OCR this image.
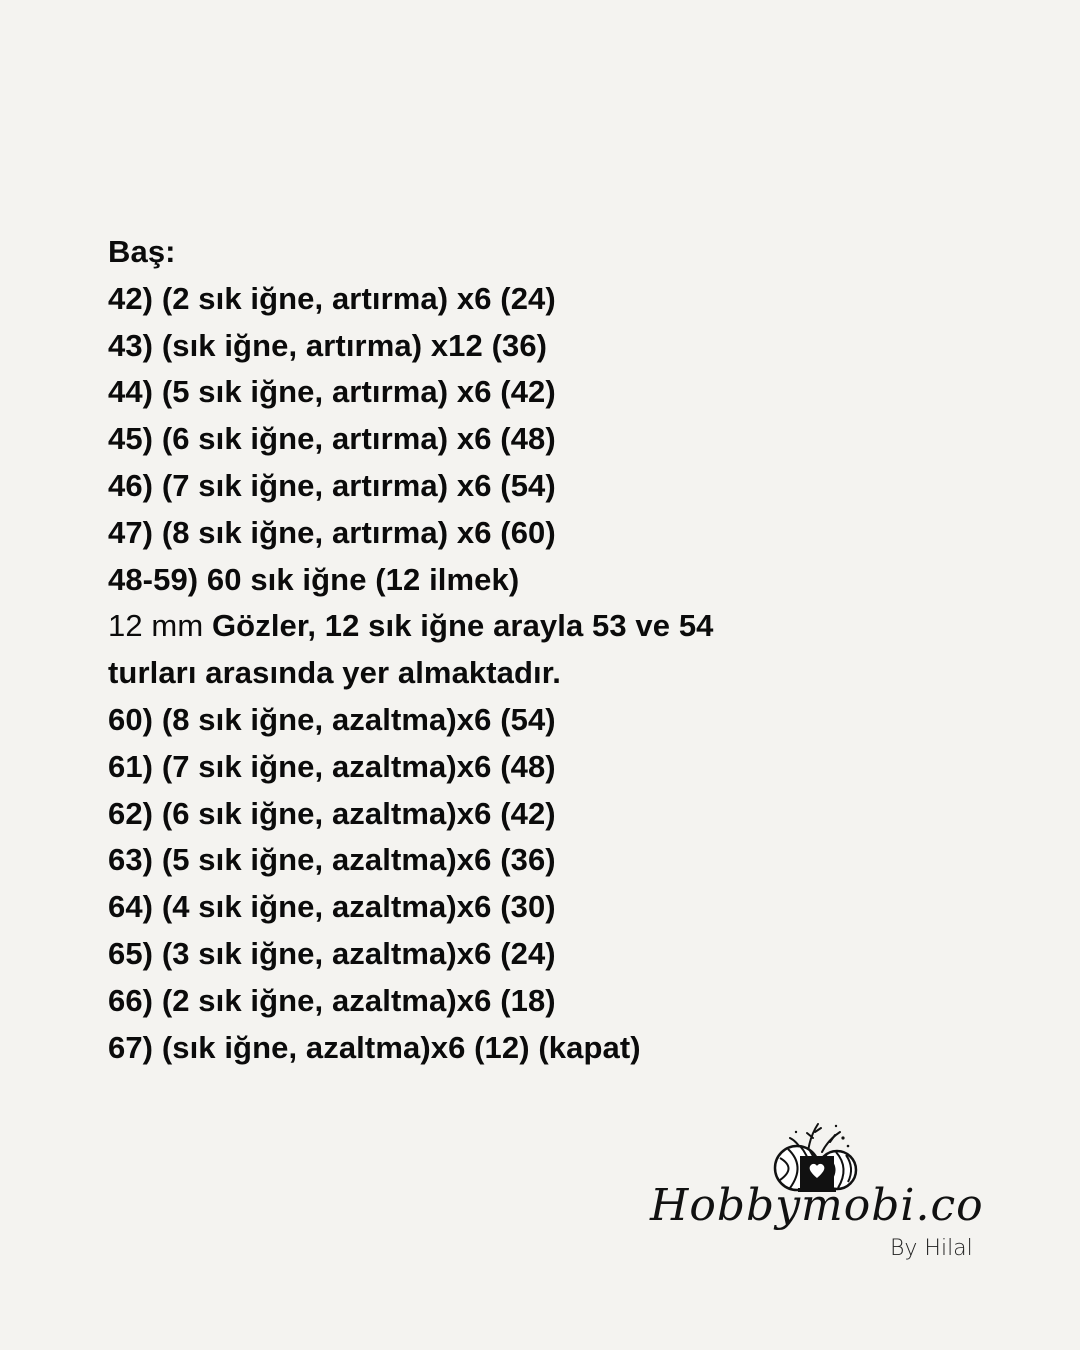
Baş:
42) (2 sık iğne, artırma) x6 (24)
43) (sık iğne, artırma) x12 (36)
44) (5 sık iğne, artırma) x6 (42)
45) (6 sık iğne, artırma) x6 (48)
46) (7 sık iğne, artırma) x6 (54)
47) (8 sık iğne, artırma) x6 (60)
48-59) 60 sık iğne (12 ilmek)
12 mm Gözler, 12 sık iğne arayla 53 ve 54
turları arasında yer almaktadır.
60) (8 sık iğne, azaltma)x6 (54)
61) (7 sık iğne, azaltma)x6 (48)
62) (6 sık iğne, azaltma)x6 (42)
63) (5 sık iğne, azaltma)x6 (36)
64) (4 sık iğne, azaltma)x6 (30)
65) (3 sık iğne, azaltma)x6 (24)
66) (2 sık iğne, azaltma)x6 (18)
67) (sık iğne, azaltma)x6 (12) (kapat)
Hobbymobi.co
By Hilal
